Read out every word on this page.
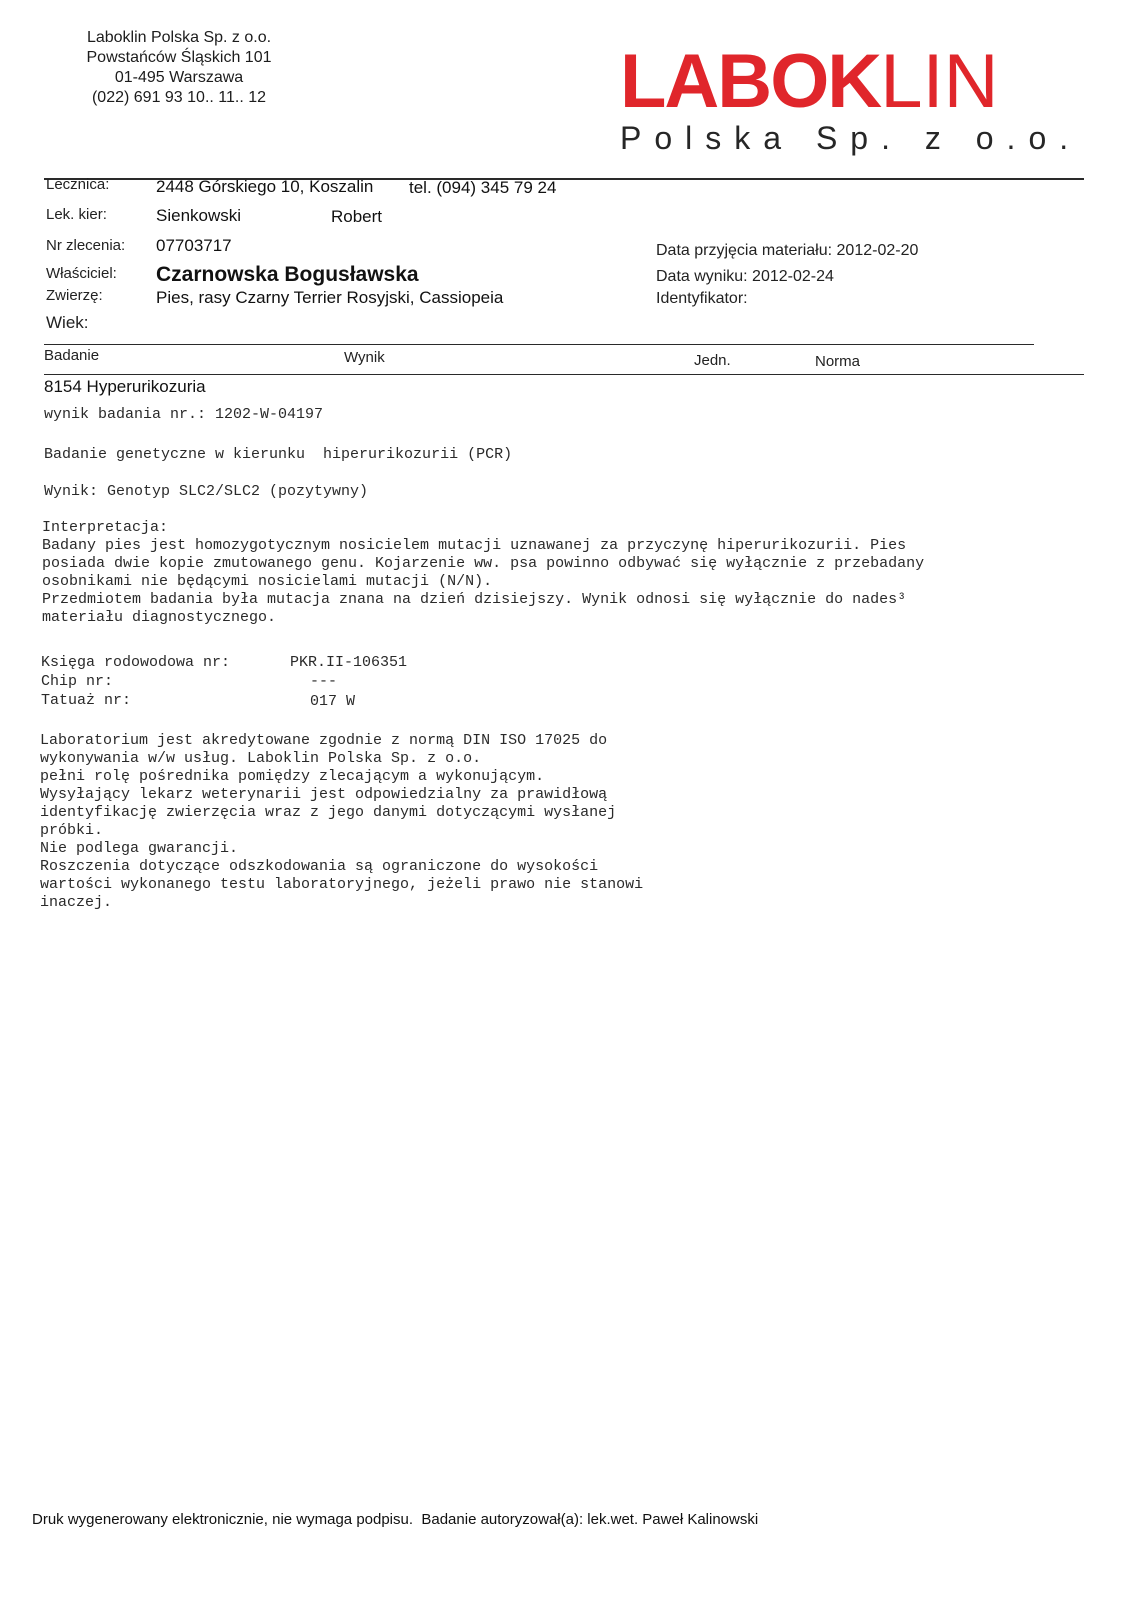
Laboklin Polska Sp. z o.o.
Powstańców Śląskich 101
01-495 Warszawa
(022) 691 93 10.. 11.. 12	LABOKLIN
Polska Sp. z o.o.
Lecznica:	2448 Górskiego 10, Koszalin tel. (094) 345 79 24
Lek. kier:	Sienkowski	Robert
Nr zlecenia: 07703717
Właściciel: Czarnowska Bogusławska
Zwierzę:	Pies, rasy Czarny Terrier Rosyjski, Cassiopeia
Wiek:
Data przyjęcia materiału: 2012-02-20
Data wyniku: 2012-02-24
Identyfikator:
Badanie	Wynik	Jedn.	Norma
8154 Hyperurikozuria
wynik badania nr.: 1202-W-04197
Badanie genetyczne w kierunku  hiperurikozurii (PCR)
Wynik: Genotyp SLC2/SLC2 (pozytywny)
Interpretacja:
Badany pies jest homozygotycznym nosicielem mutacji uznawanej za przyczynę hiperurikozurii. Pies
posiada dwie kopie zmutowanego genu. Kojarzenie ww. psa powinno odbywać się wyłącznie z przebadany
osobnikami nie będącymi nosicielami mutacji (N/N).
Przedmiotem badania była mutacja znana na dzień dzisiejszy. Wynik odnosi się wyłącznie do nades³
materiału diagnostycznego.
Księga rodowodowa nr:	PKR.II-106351
Chip nr:	---
Tatuaż nr:	017 W
Laboratorium jest akredytowane zgodnie z normą DIN ISO 17025 do
wykonywania w/w usług. Laboklin Polska Sp. z o.o.
pełni rolę pośrednika pomiędzy zlecającym a wykonującym.
Wysyłający lekarz weterynarii jest odpowiedzialny za prawidłową
identyfikację zwierzęcia wraz z jego danymi dotyczącymi wysłanej
próbki.
Nie podlega gwarancji.
Roszczenia dotyczące odszkodowania są ograniczone do wysokości
wartości wykonanego testu laboratoryjnego, jeżeli prawo nie stanowi
inaczej.
Druk wygenerowany elektronicznie, nie wymaga podpisu.  Badanie autoryzował(a): lek.wet. Paweł Kalinowski
